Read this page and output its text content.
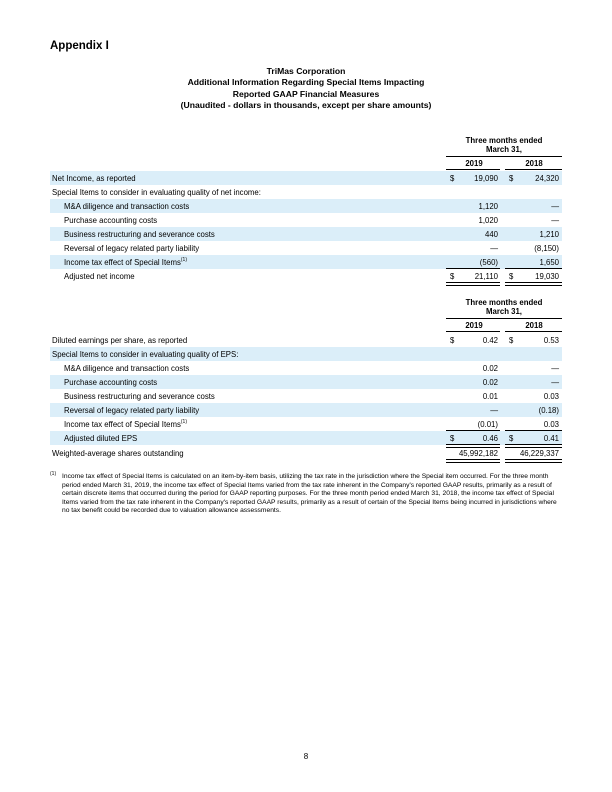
Appendix I
TriMas Corporation
Additional Information Regarding Special Items Impacting
Reported GAAP Financial Measures
(Unaudited - dollars in thousands, except per share amounts)
Three months ended
March 31,
2019	2018
Net Income, as reported	$	19,090 $	24,320
Special Items to consider in evaluating quality of net income:
M&A diligence and transaction costs	1,120	—
Purchase accounting costs	1,020	—
Business restructuring and severance costs	440	1,210
Reversal of legacy related party liability	—	(8,150)
Income tax effect of Special Items$^{(1)}$	(560)	1,650
Adjusted net income	$	21,110 $	19,030
Three months ended
March 31,
2019	2018
Diluted earnings per share, as reported	$	0.42 $	0.53
Special Items to consider in evaluating quality of EPS:
M&A diligence and transaction costs	0.02	—
Purchase accounting costs	0.02	—
Business restructuring and severance costs	0.01	0.03
Reversal of legacy related party liability	—	(0.18)
Income tax effect of Special Items$^{(1)}$	(0.01)	0.03
Adjusted diluted EPS	$	0.46 $	0.41
Weighted-average shares outstanding	45,992,182	46,229,337
$^{(1)}$ Income tax effect of Special Items is calculated on an item-by-item basis, utilizing the tax rate in the jurisdiction where the Special item occurred. For the three month period ended March 31, 2019, the income tax effect of Special Items varied from the tax rate inherent in the Company's reported GAAP results, primarily as a result of certain discrete items that occurred during the period for GAAP reporting purposes. For the three month period ended March 31, 2018, the income tax effect of Special Items varied from the tax rate inherent in the Company's reported GAAP results, primarily as a result of certain of the Special Items being incurred in jurisdictions where no tax benefit could be recorded due to valuation allowance assessments.
8
